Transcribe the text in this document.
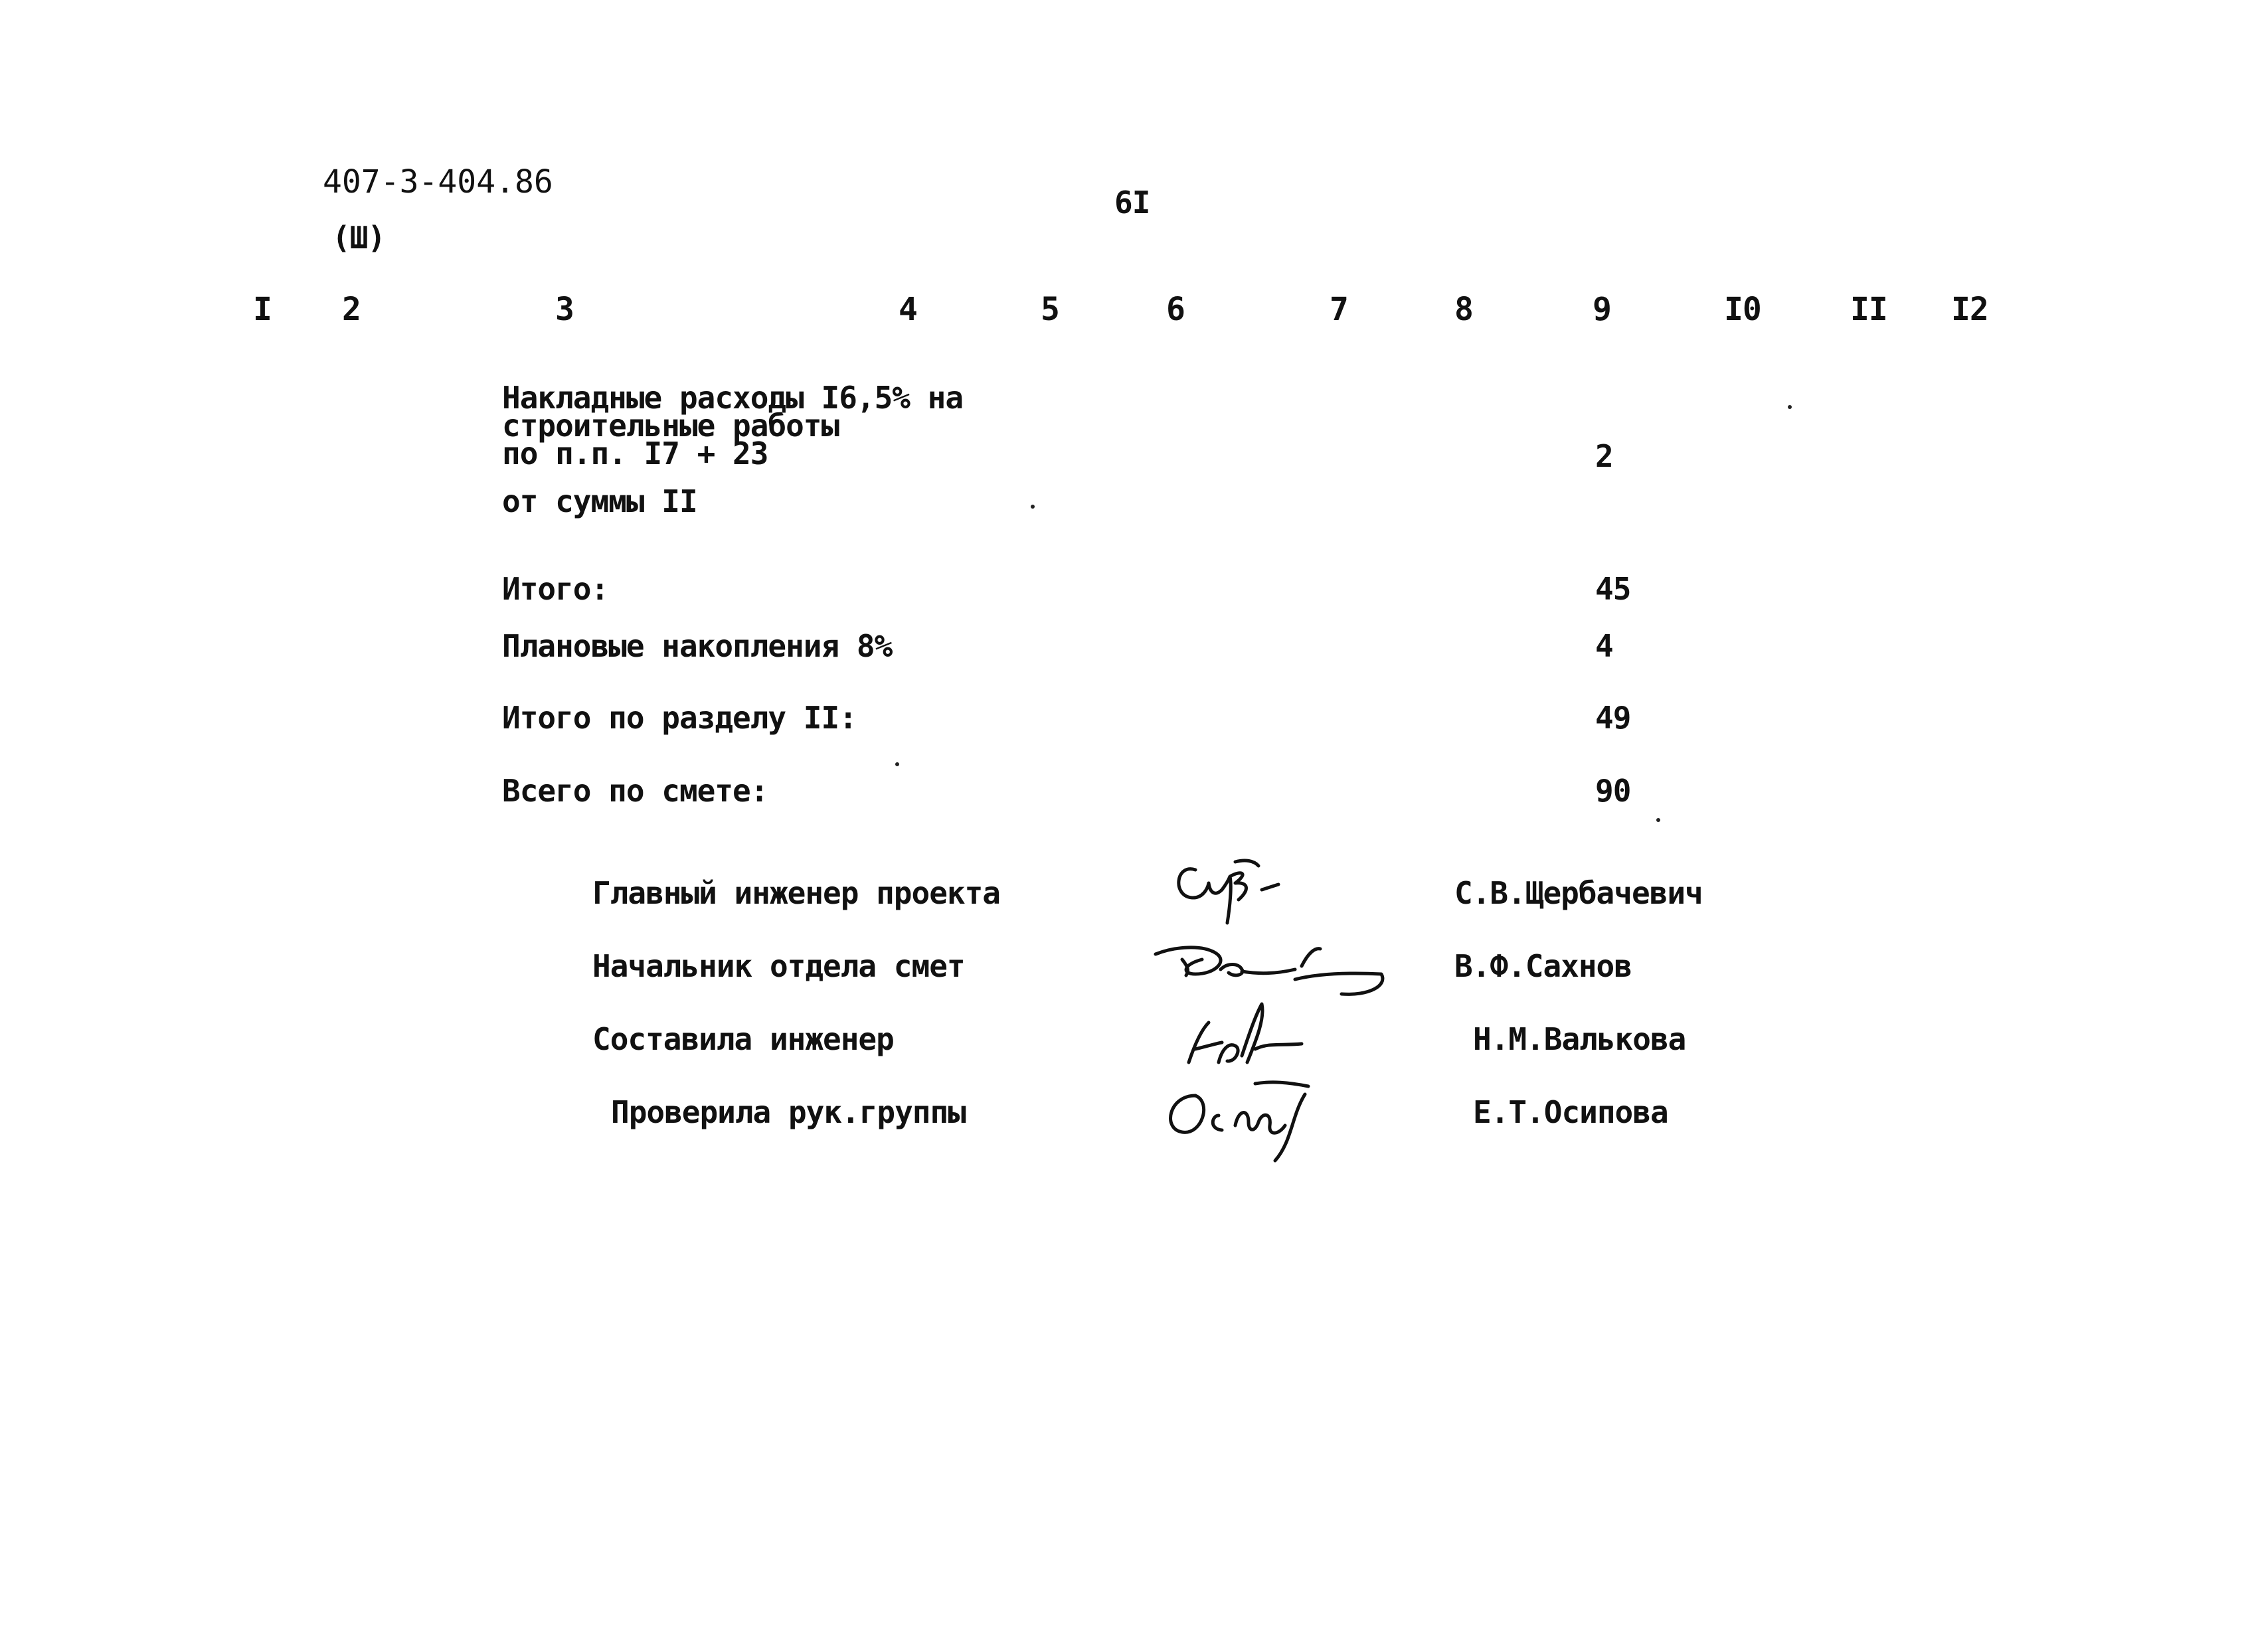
407-3-404.86
(Ш)
6I
I 2	3	4	5	6	7	8	9	I0	II I2
Накладные расходы I6,5% на
строительные работы
по п.п. I7 + 23
от суммы II
2
Итого:	45
Плановые накопления 8%	4
Итого по разделу II:	49
Всего по смете:	90
Главный инженер проекта	С.В.Щербачевич
Начальник отдела смет	В.Ф.Сахнов
Составила инженер	Н.М.Валькова
Проверила рук.группы	Е.Т.Осипова
